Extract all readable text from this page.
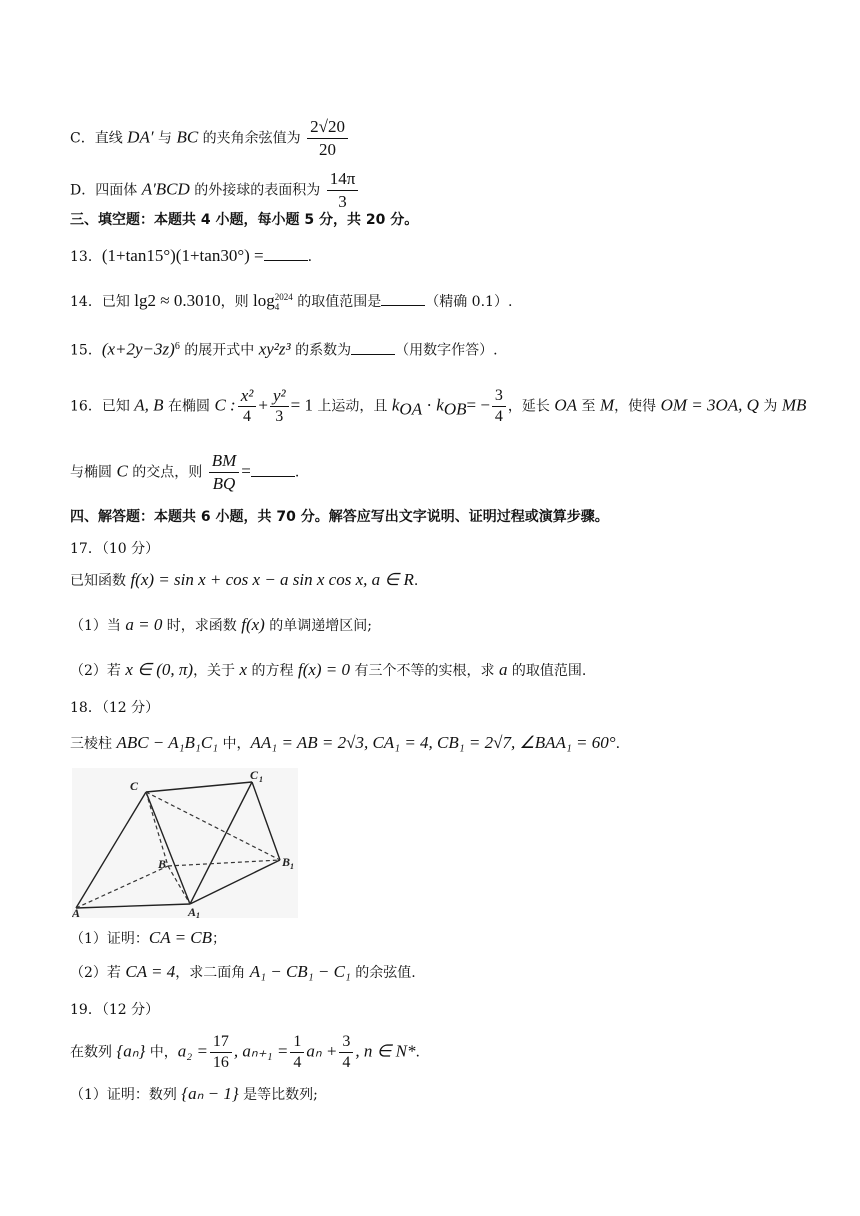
C．直线 DA′ 与 BC 的夹角余弦值为 $\frac{2√20}{20}$
D．四面体 A′BCD 的外接球的表面积为 $\frac{14\pi}{3}$
三、填空题：本题共 4 小题，每小题 5 分，共 20 分。
13．(1+tan15°)(1+tan30°) =	.
14．已知 lg2 ≈ 0.3010，则 log 2024
4 的取值范围是	（精确 0.1）.
15．$(x+2y-3z)^6$ 的展开式中 xy²z³ 的系数为	（用数字作答）.
16．已知 A, B 在椭圆 C : $\frac{\text{x²}}{4} + \frac{\text{y²}}{3} = 1$ 上运动，且 $k_{OA} \cdot k_{OB}= - \frac{3}{4}$ ，延长 OA 至 M，使得 OM = 3OA, Q 为 MB
与椭圆 C 的交点，则 $\frac{BM}{BQ}$ =	.
四、解答题：本题共 6 小题，共 70 分。解答应写出文字说明、证明过程或演算步骤。
17．（10 分）
已知函数 f(x) = sin x + cos x − a sin x cos x, a ∈ R.
（1）当 a = 0 时，求函数 f(x) 的单调递增区间;
（2）若 x ∈ (0, π)，关于 x 的方程 f(x) = 0 有三个不等的实根，求 a 的取值范围.
18．（12 分）
三棱柱 ABC − A₁B₁C₁ 中，AA₁ = AB = 2√3, CA₁ = 4, CB₁ = 2√7, ∠BAA₁ = 60°.
C
C 1
B	B 1
A	A 1
（1）证明：CA = CB；
（2）若 CA = 4，求二面角 A₁ − CB₁ − C₁ 的余弦值.
19．（12 分）
在数列 {aₙ} 中，$a_2 = \frac{17}{16}$ , $a_{n+1} = \frac{1}{4}$ $a_n + \frac{3}{4}$ , n ∈ N*.
（1）证明：数列 {aₙ − 1} 是等比数列;
